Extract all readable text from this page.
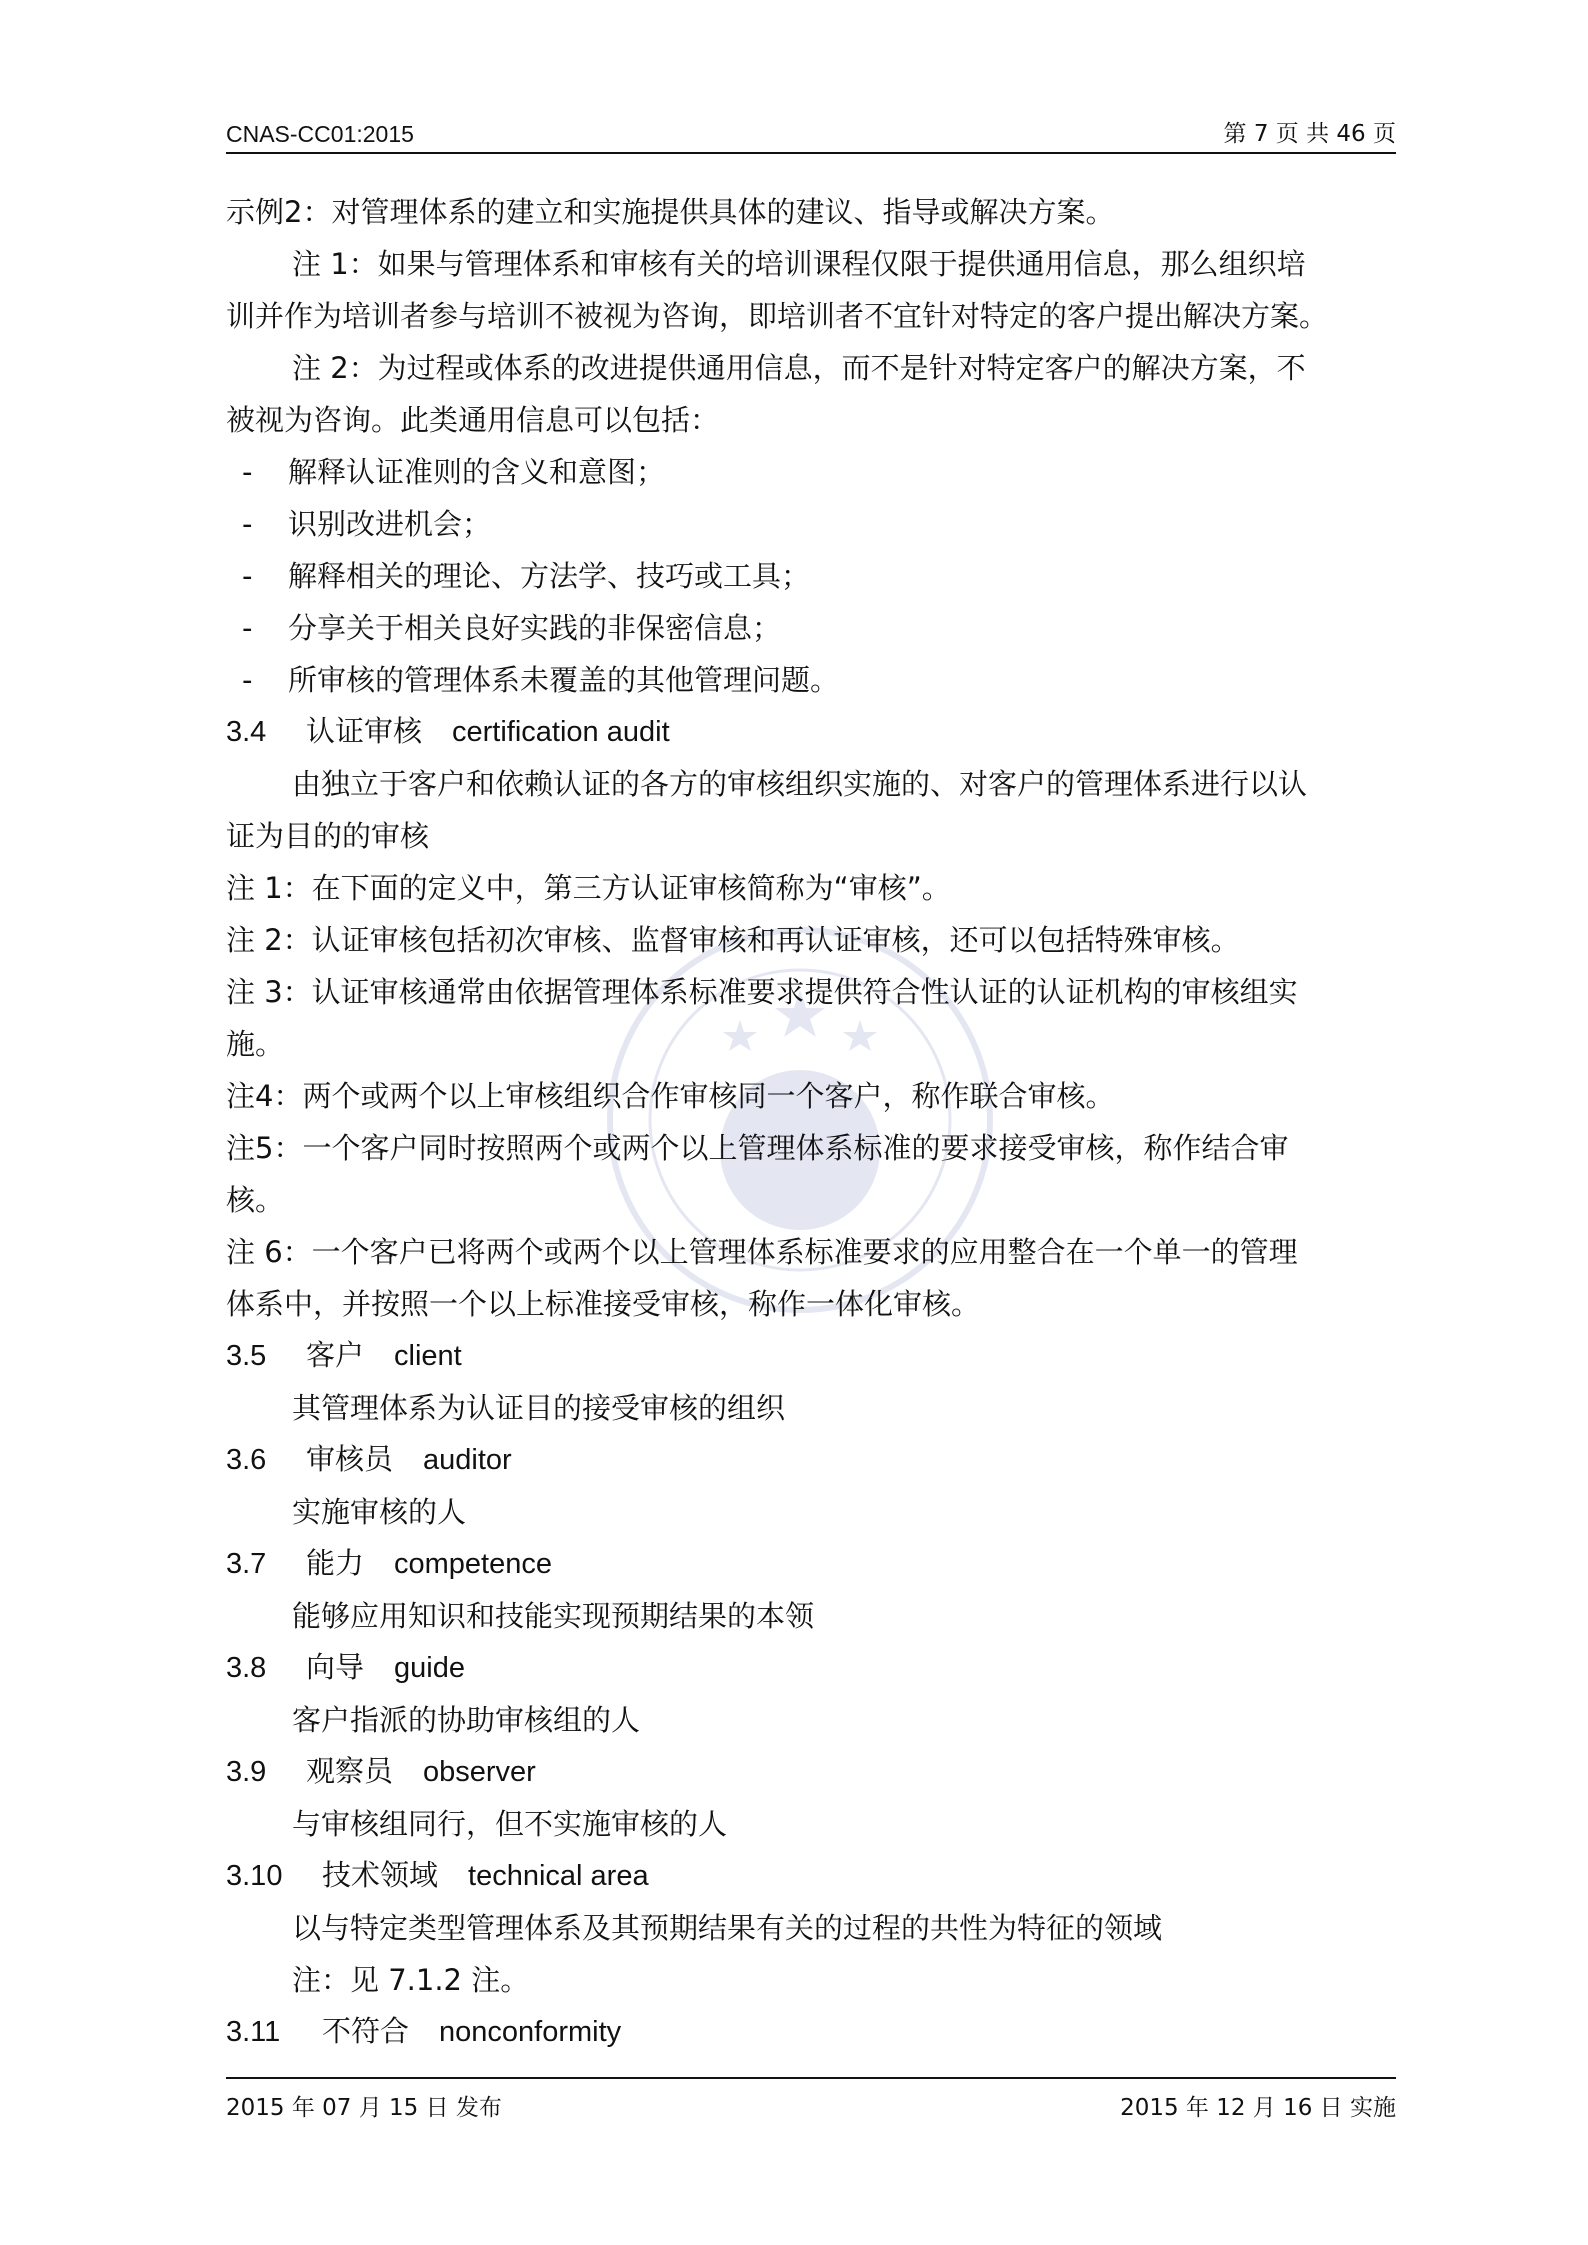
CNAS-CC01:2015	第 7 页 共 46 页
示例2：对管理体系的建立和实施提供具体的建议、指导或解决方案。
注 1：如果与管理体系和审核有关的培训课程仅限于提供通用信息，那么组织培
训并作为培训者参与培训不被视为咨询，即培训者不宜针对特定的客户提出解决方案。
注 2：为过程或体系的改进提供通用信息，而不是针对特定客户的解决方案，不
被视为咨询。此类通用信息可以包括：
- 解释认证准则的含义和意图；
- 识别改进机会；
- 解释相关的理论、方法学、技巧或工具；
- 分享关于相关良好实践的非保密信息；
- 所审核的管理体系未覆盖的其他管理问题。
3.4 认证审核 certification audit
由独立于客户和依赖认证的各方的审核组织实施的、对客户的管理体系进行以认
证为目的的审核
注 1：在下面的定义中，第三方认证审核简称为“审核”。
注 2：认证审核包括初次审核、监督审核和再认证审核，还可以包括特殊审核。
注 3：认证审核通常由依据管理体系标准要求提供符合性认证的认证机构的审核组实
施。
注4：两个或两个以上审核组织合作审核同一个客户，称作联合审核。
注5：一个客户同时按照两个或两个以上管理体系标准的要求接受审核，称作结合审
核。
注 6：一个客户已将两个或两个以上管理体系标准要求的应用整合在一个单一的管理
体系中，并按照一个以上标准接受审核，称作一体化审核。
3.5 客户 client
其管理体系为认证目的接受审核的组织
3.6 审核员 auditor
实施审核的人
3.7 能力 competence
能够应用知识和技能实现预期结果的本领
3.8 向导 guide
客户指派的协助审核组的人
3.9 观察员 observer
与审核组同行，但不实施审核的人
3.10 技术领域 technical area
以与特定类型管理体系及其预期结果有关的过程的共性为特征的领域
注：见 7.1.2 注。
3.11 不符合 nonconformity
2015 年 07 月 15 日 发布	2015 年 12 月 16 日 实施
